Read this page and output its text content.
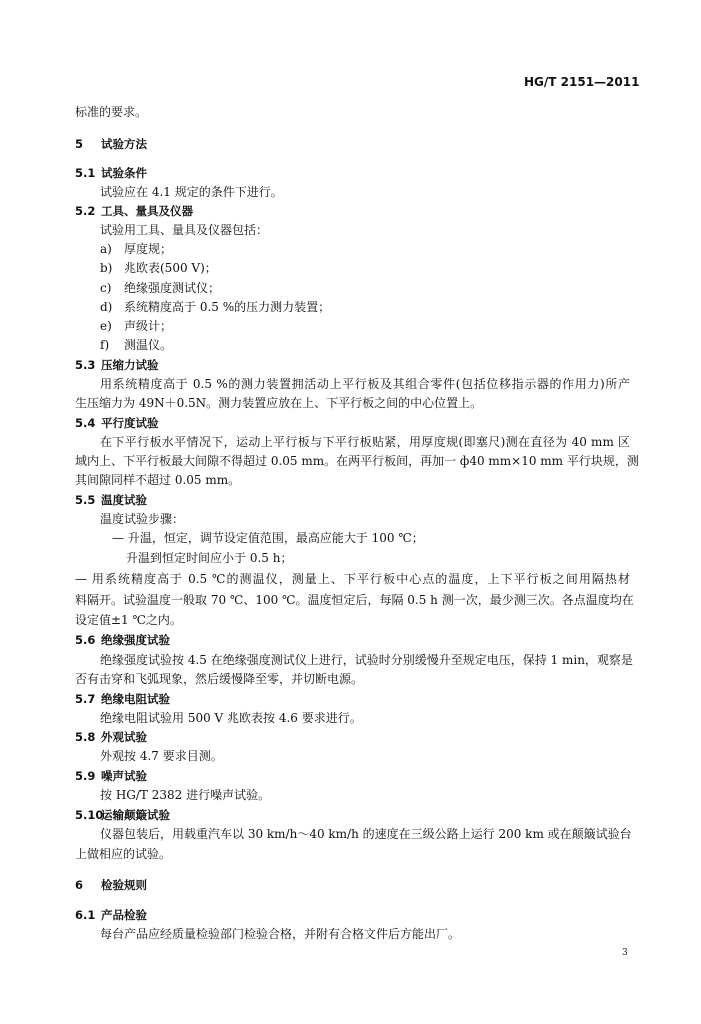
HG/T 2151—2011
标准的要求。
5 试验方法
5.1 试验条件
试验应在 4.1 规定的条件下进行。
5.2 工具、量具及仪器
试验用工具、量具及仪器包括：
a) 厚度规；
b) 兆欧表(500 V)；
c) 绝缘强度测试仪；
d) 系统精度高于 0.5 %的压力测力装置；
e) 声级计；
f) 测温仪。
5.3 压缩力试验
用系统精度高于 0.5 %的测力装置拥活动上平行板及其组合零件(包括位移指示器的作用力)所产
生压缩力为 49N＋0.5N。测力装置应放在上、下平行板之间的中心位置上。
5.4 平行度试验
在下平行板水平情况下，运动上平行板与下平行板贴紧，用厚度规(即塞尺)测在直径为 40 mm 区
域内上、下平行板最大间隙不得超过 0.05 mm。在两平行板间，再加一 ф40 mm×10 mm 平行块规，测
其间隙同样不超过 0.05 mm。
5.5 温度试验
温度试验步骤：
— 升温，恒定，调节设定值范围，最高应能大于 100 ℃；
升温到恒定时间应小于 0.5 h；
— 用系统精度高于 0.5 ℃的测温仪，测量上、下平行板中心点的温度，上下平行板之间用隔热材
料隔开。试验温度一般取 70 ℃、100 ℃。温度恒定后，每隔 0.5 h 测一次，最少测三次。各点温度均在
设定值±1 ℃之内。
5.6 绝缘强度试验
绝缘强度试验按 4.5 在绝缘强度测试仪上进行，试验时分别缓慢升至规定电压，保持 1 min，观察是
否有击穿和飞弧现象，然后缓慢降至零，并切断电源。
5.7 绝缘电阻试验
绝缘电阻试验用 500 V 兆欧表按 4.6 要求进行。
5.8 外观试验
外观按 4.7 要求目测。
5.9 噪声试验
按 HG/T 2382 进行噪声试验。
5.10运输颠簸试验
仪器包装后，用载重汽车以 30 km/h～40 km/h 的速度在三级公路上运行 200 km 或在颠簸试验台
上做相应的试验。
6 检验规则
6.1 产品检验
每台产品应经质量检验部门检验合格，并附有合格文件后方能出厂。
3
